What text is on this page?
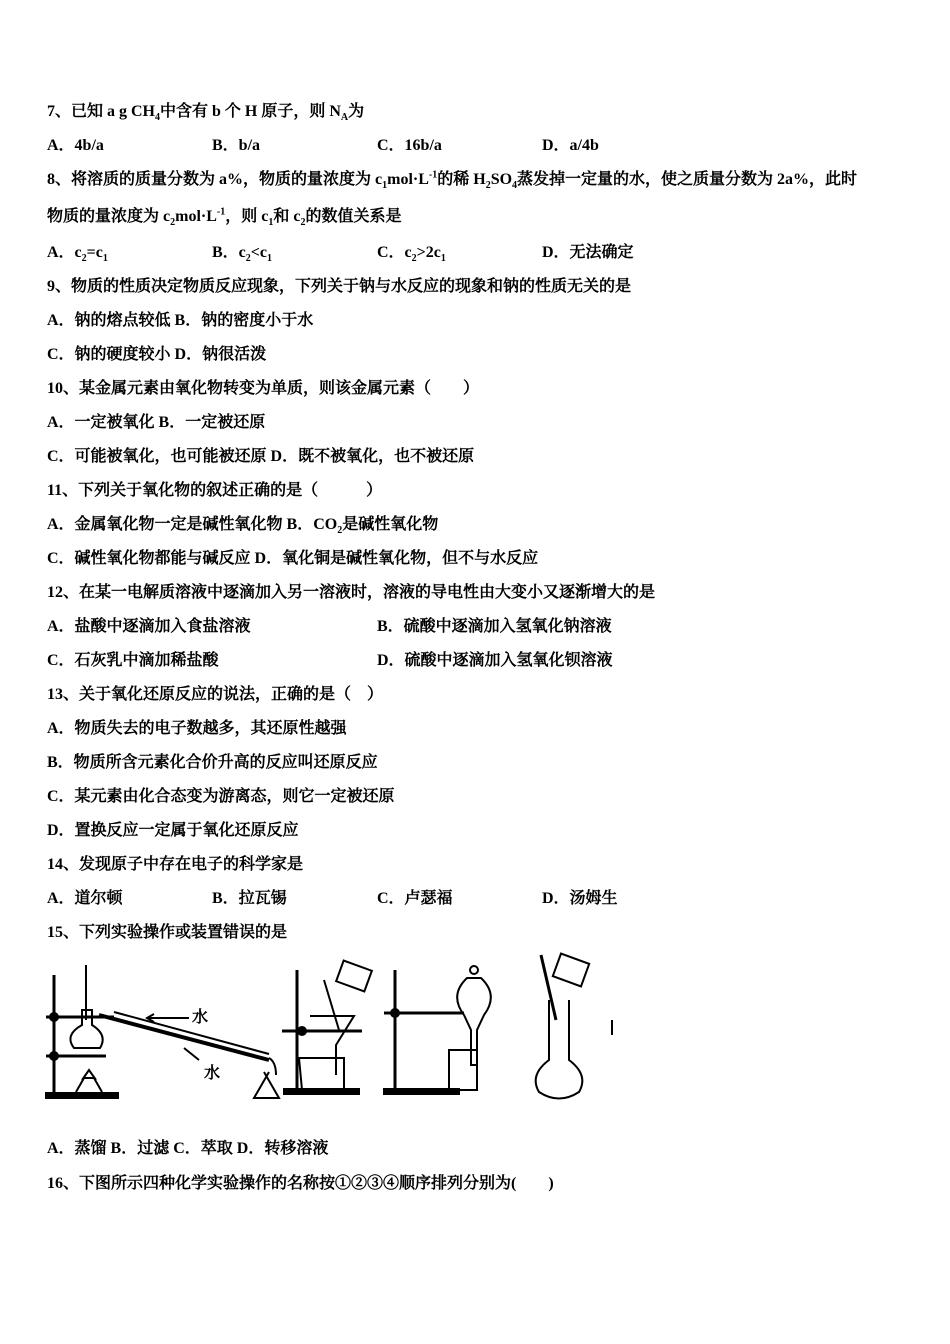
7、已知 a g $CH_4$中含有 b 个 H 原子，则 $N_A$为
A．4b/a	B．b/a	C．16b/a	D．a/4b
8、将溶质的质量分数为 a%，物质的量浓度为 $c_1mol\cdot L^{-1}$的稀 $H_2SO_4$蒸发掉一定量的水，使之质量分数为 2a%，此时
物质的量浓度为 $c_2mol\cdot L^{-1}$，则 $c_1$和 $c_2$的数值关系是
A．$c_2=c_1$	B．$c_2<c_1$	C．$c_2>2c_1$	D．无法确定
9、物质的性质决定物质反应现象，下列关于钠与水反应的现象和钠的性质无关的是
A．钠的熔点较低 B．钠的密度小于水
C．钠的硬度较小 D．钠很活泼
10、某金属元素由氧化物转变为单质，则该金属元素（　　）
A．一定被氧化 B．一定被还原
C．可能被氧化，也可能被还原 D．既不被氧化，也不被还原
11、下列关于氧化物的叙述正确的是（　　　）
A．金属氧化物一定是碱性氧化物 B．$CO_2$是碱性氧化物
C．碱性氧化物都能与碱反应 D．氧化铜是碱性氧化物，但不与水反应
12、在某一电解质溶液中逐滴加入另一溶液时，溶液的导电性由大变小又逐渐增大的是
A．盐酸中逐滴加入食盐溶液	B．硫酸中逐滴加入氢氧化钠溶液
C．石灰乳中滴加稀盐酸	D．硫酸中逐滴加入氢氧化钡溶液
13、关于氧化还原反应的说法，正确的是（　）
A．物质失去的电子数越多，其还原性越强
B．物质所含元素化合价升高的反应叫还原反应
C．某元素由化合态变为游离态，则它一定被还原
D．置换反应一定属于氧化还原反应
14、发现原子中存在电子的科学家是
A．道尔顿	B．拉瓦锡	C．卢瑟福	D．汤姆生
15、下列实验操作或装置错误的是
水
水
A．蒸馏 B．过滤 C．萃取 D．转移溶液
16、下图所示四种化学实验操作的名称按①②③④顺序排列分别为(　　)
